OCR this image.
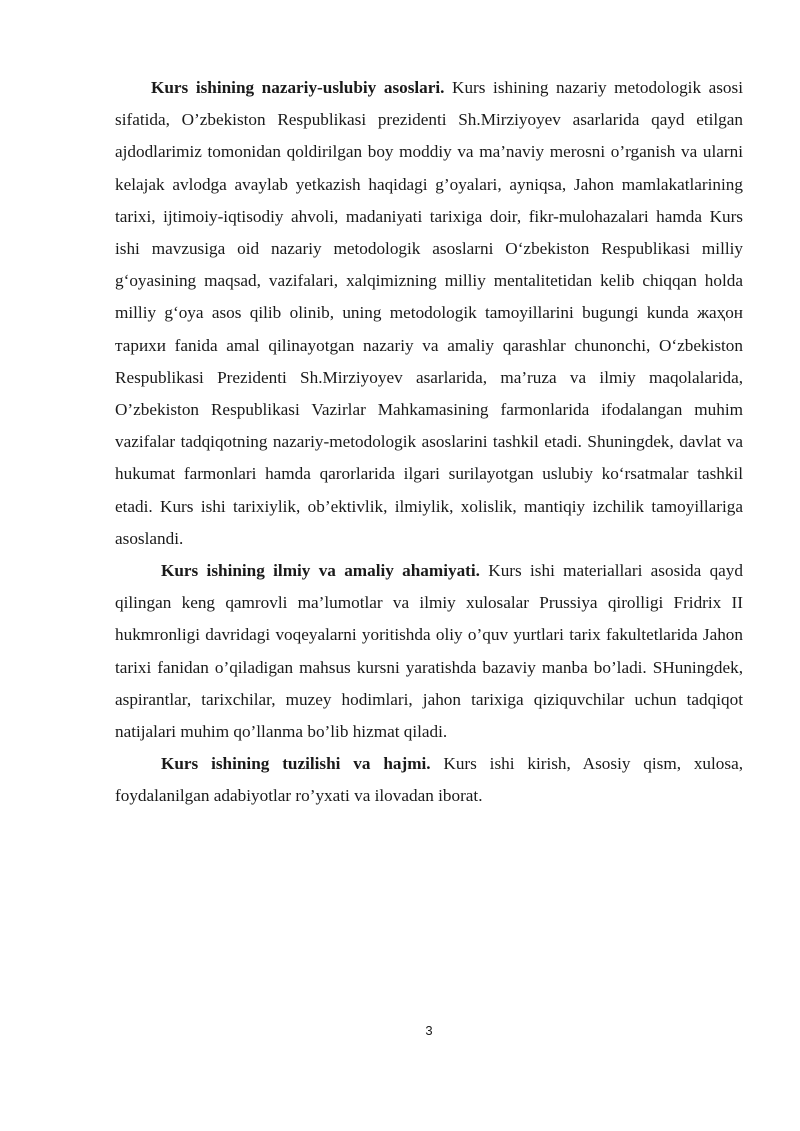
Kurs ishining nazariy-uslubiy asoslari. Kurs ishining nazariy metodologik asosi sifatida, O’zbekiston Respublikasi prezidenti Sh.Mirziyoyev asarlarida qayd etilgan ajdodlarimiz tomonidan qoldirilgan boy moddiy va ma’naviy merosni o’rganish va ularni kelajak avlodga avaylab yetkazish haqidagi g’oyalari, ayniqsa, Jahon mamlakatlarining tarixi, ijtimoiy-iqtisodiy ahvoli, madaniyati tarixiga doir, fikr-mulohazalari hamda Kurs ishi mavzusiga oid nazariy metodologik asoslarni O‘zbekiston Respublikasi milliy g‘oyasining maqsad, vazifalari, xalqimizning milliy mentalitetidan kelib chiqqan holda milliy g‘oya asos qilib olinib, uning metodologik tamoyillarini bugungi kunda жаҳон тарихи fanida amal qilinayotgan nazariy va amaliy qarashlar chunonchi, O‘zbekiston Respublikasi Prezidenti Sh.Mirziyoyev asarlarida, ma’ruza va ilmiy maqolalarida, O’zbekiston Respublikasi Vazirlar Mahkamasining farmonlarida ifodalangan muhim vazifalar tadqiqotning nazariy-metodologik asoslarini tashkil etadi. Shuningdek, davlat va hukumat farmonlari hamda qarorlarida ilgari surilayotgan uslubiy ko‘rsatmalar tashkil etadi. Kurs ishi tarixiylik, ob’ektivlik, ilmiylik, xolislik, mantiqiy izchilik tamoyillariga asoslandi.

Kurs ishining ilmiy va amaliy ahamiyati. Kurs ishi materiallari asosida qayd qilingan keng qamrovli ma’lumotlar va ilmiy xulosalar Prussiya qirolligi Fridrix II hukmronligi davridagi voqeyalarni yoritishda oliy o’quv yurtlari tarix fakultetlarida Jahon tarixi fanidan o’qiladigan mahsus kursni yaratishda bazaviy manba bo’ladi. SHuningdek, aspirantlar, tarixchilar, muzey hodimlari, jahon tarixiga qiziquvchilar uchun tadqiqot natijalari muhim qo’llanma bo’lib hizmat qiladi.

Kurs ishining tuzilishi va hajmi. Kurs ishi kirish, Asosiy qism, xulosa, foydalanilgan adabiyotlar ro’yxati va ilovadan iborat.

3
